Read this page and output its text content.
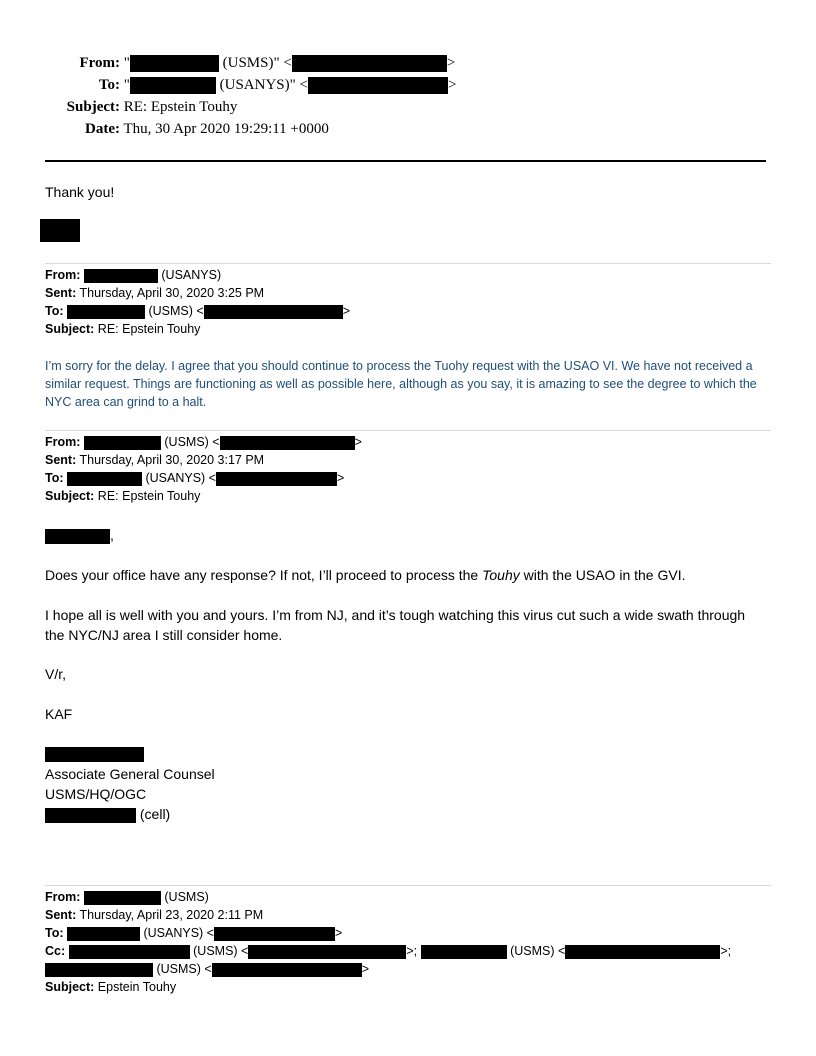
From: "	(USMS)" <	>
To: "	(USANYS)" <	>
Subject: RE: Epstein Touhy
Date: Thu, 30 Apr 2020 19:29:11 +0000
Thank you!
From:	(USANYS)
Sent: Thursday, April 30, 2020 3:25 PM
To:	(USMS) <	>
Subject: RE: Epstein Touhy
I’m sorry for the delay. I agree that you should continue to process the Tuohy request with the USAO VI. We have not received a similar request. Things are functioning as well as possible here, although as you say, it is amazing to see the degree to which the NYC area can grind to a halt.
From:	(USMS) <	>
Sent: Thursday, April 30, 2020 3:17 PM
To:	(USANYS) <	>
Subject: RE: Epstein Touhy
,
Does your office have any response? If not, I’ll proceed to process the Touhy with the USAO in the GVI.
I hope all is well with you and yours. I’m from NJ, and it’s tough watching this virus cut such a wide swath through the NYC/NJ area I still consider home.
V/r,
KAF
Associate General Counsel
USMS/HQ/OGC
(cell)
From:	(USMS)
Sent: Thursday, April 23, 2020 2:11 PM
To:	(USANYS) <	>
Cc:	(USMS) <	>;	(USMS) <	>;
(USMS) <	>
Subject: Epstein Touhy
